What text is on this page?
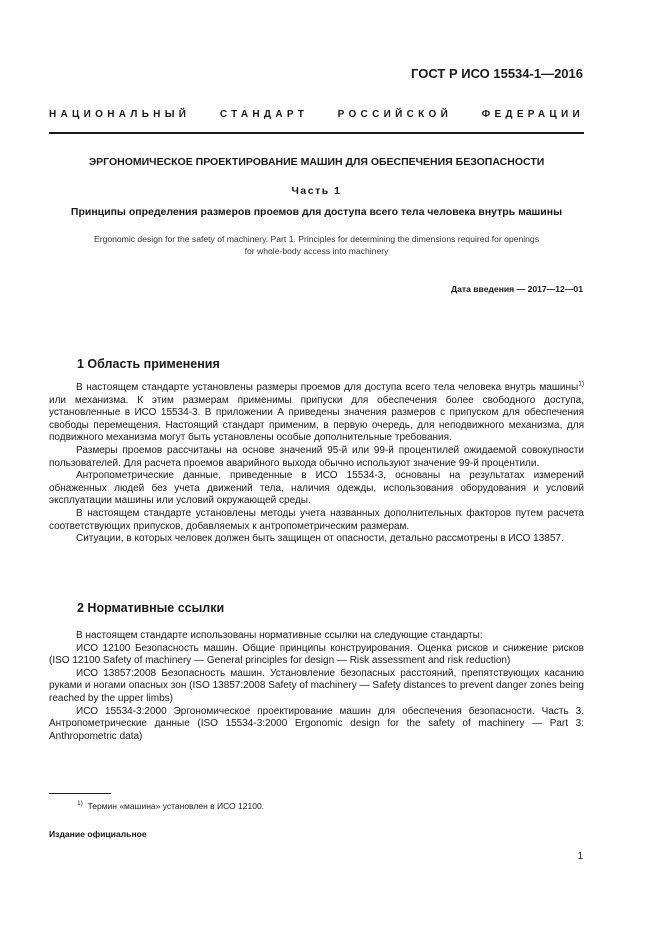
ГОСТ Р ИСО 15534-1—2016
НАЦИОНАЛЬНЫЙ СТАНДАРТ РОССИЙСКОЙ ФЕДЕРАЦИИ
ЭРГОНОМИЧЕСКОЕ ПРОЕКТИРОВАНИЕ МАШИН ДЛЯ ОБЕСПЕЧЕНИЯ БЕЗОПАСНОСТИ
Часть 1
Принципы определения размеров проемов для доступа всего тела человека внутрь машины
Ergonomic design for the safety of machinery. Part 1. Principles for determining the dimensions required for openings
for whole-body access into machinery
Дата введения — 2017—12—01
1 Область применения

В настоящем стандарте установлены размеры проемов для доступа всего тела человека внутрь машины$^{1)}$ или механизма. К этим размерам применимы припуски для обеспечения более свободного доступа, установленные в ИСО 15534-3. В приложении А приведены значения размеров с припуском для обеспечения свободы перемещения. Настоящий стандарт применим, в первую очередь, для неподвижного механизма, для подвижного механизма могут быть установлены особые дополнительные требования.

Размеры проемов рассчитаны на основе значений 95-й или 99-й процентилей ожидаемой совокупности пользователей. Для расчета проемов аварийного выхода обычно используют значение 99-й процентили.

Антропометрические данные, приведенные в ИСО 15534-3, основаны на результатах измерений обнаженных людей без учета движений тела, наличия одежды, использования оборудования и условий эксплуатации машины или условий окружающей среды.

В настоящем стандарте установлены методы учета названных дополнительных факторов путем расчета соответствующих припусков, добавляемых к антропометрическим размерам.

Ситуации, в которых человек должен быть защищен от опасности, детально рассмотрены в ИСО 13857.

2 Нормативные ссылки

В настоящем стандарте использованы нормативные ссылки на следующие стандарты:

ИСО 12100 Безопасность машин. Общие принципы конструирования. Оценка рисков и снижение рисков (ISO 12100 Safety of machinery — General principles for design — Risk assessment and risk reduction)

ИСО 13857:2008 Безопасность машин. Установление безопасных расстояний, препятствующих касанию руками и ногами опасных зон (ISO 13857:2008 Safety of machinery — Safety distances to prevent danger zones being reached by the upper limbs)

ИСО 15534-3:2000 Эргономическое проектирование машин для обеспечения безопасности. Часть 3. Антропометрические данные (ISO 15534-3:2000 Ergonomic design for the safety of machinery — Part 3: Anthropometric data)

$^{1)}$ Термин «машина» установлен в ИСО 12100.
Издание официальное
1
